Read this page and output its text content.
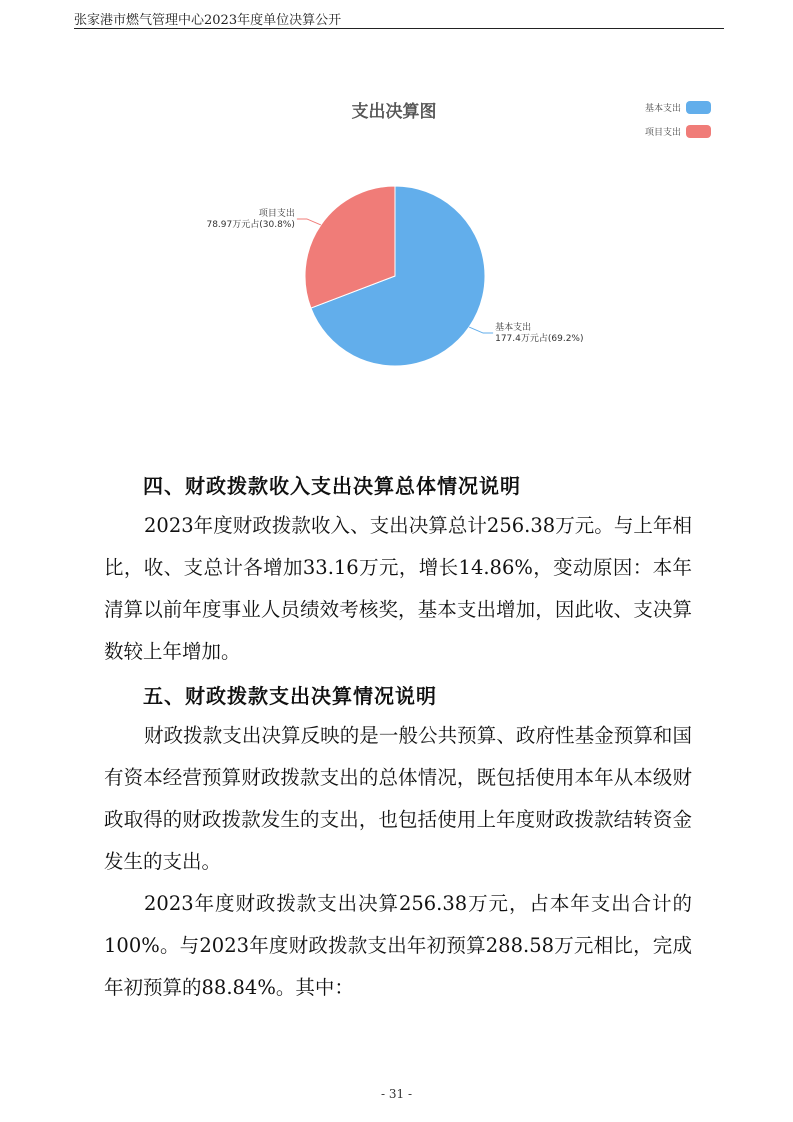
张家港市燃气管理中心2023年度单位决算公开
支出决算图
基本支出
177.4万元占(69.2%)
项目支出
78.97万元占(30.8%)
基本支出
项目支出
四、财政拨款收入支出决算总体情况说明

2023年度财政拨款收入、支出决算总计256.38万元。与上年相比，收、支总计各增加33.16万元，增长14.86%，变动原因：本年清算以前年度事业人员绩效考核奖，基本支出增加，因此收、支决算数较上年增加。

五、财政拨款支出决算情况说明

财政拨款支出决算反映的是一般公共预算、政府性基金预算和国有资本经营预算财政拨款支出的总体情况，既包括使用本年从本级财政取得的财政拨款发生的支出，也包括使用上年度财政拨款结转资金发生的支出。

2023年度财政拨款支出决算256.38万元，占本年支出合计的100%。与2023年度财政拨款支出年初预算288.58万元相比，完成年初预算的88.84%。其中：

- 31 -
